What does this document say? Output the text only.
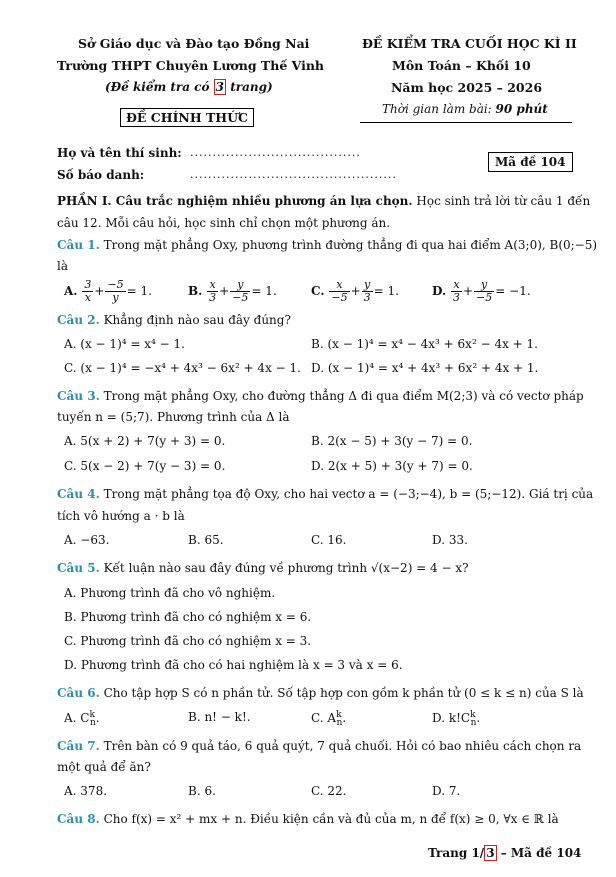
Sở Giáo dục và Đào tạo Đồng Nai
Trường THPT Chuyên Lương Thế Vinh
(Đề kiểm tra có 3 trang)
ĐỀ CHÍNH THỨC
ĐỀ KIỂM TRA CUỐI HỌC KÌ II
Môn Toán – Khối 10
Năm học 2025 – 2026
Thời gian làm bài: 90 phút
Họ và tên thí sinh: ......................................
Số báo danh:	..............................................
Mã đề 104
PHẦN I. Câu trắc nghiệm nhiều phương án lựa chọn. Học sinh trả lời từ câu 1 đến
câu 12. Mỗi câu hỏi, học sinh chỉ chọn một phương án.
Câu 1. Trong mặt phẳng Oxy, phương trình đường thẳng đi qua hai điểm A(3;0), B(0;−5)
là
A. $\frac{3}{x} + \frac{-5}{y} = 1$.	B. $\frac{x}{3} + \frac{y}{-5} = 1$.	C. $\frac{x}{-5} + \frac{y}{3} = 1$.	D. $\frac{x}{3} + \frac{y}{-5} = -1$.
Câu 2. Khẳng định nào sau đây đúng?
A. (x − 1)⁴ = x⁴ − 1.	B. (x − 1)⁴ = x⁴ − 4x³ + 6x² − 4x + 1.
C. (x − 1)⁴ = −x⁴ + 4x³ − 6x² + 4x − 1. D. (x − 1)⁴ = x⁴ + 4x³ + 6x² + 4x + 1.
Câu 3. Trong mặt phẳng Oxy, cho đường thẳng Δ đi qua điểm M(2;3) và có vectơ pháp
tuyến n = (5;7). Phương trình của Δ là
A. 5(x + 2) + 7(y + 3) = 0.	B. 2(x − 5) + 3(y − 7) = 0.
C. 5(x − 2) + 7(y − 3) = 0.	D. 2(x + 5) + 3(y + 7) = 0.
Câu 4. Trong mặt phẳng tọa độ Oxy, cho hai vectơ a = (−3;−4), b = (5;−12). Giá trị của
tích vô hướng a · b là
A. −63.	B. 65.	C. 16.	D. 33.
Câu 5. Kết luận nào sau đây đúng về phương trình √(x−2) = 4 − x?
A. Phương trình đã cho vô nghiệm.
B. Phương trình đã cho có nghiệm x = 6.
C. Phương trình đã cho có nghiệm x = 3.
D. Phương trình đã cho có hai nghiệm là x = 3 và x = 6.
Câu 6. Cho tập hợp S có n phần tử. Số tập hợp con gồm k phần tử (0 ≤ k ≤ n) của S là
A. $C^k_n$.	B. n! − k!.	C. $A^k_n$.	D. $k!C^k_n$.
Câu 7. Trên bàn có 9 quả táo, 6 quả quýt, 7 quả chuối. Hỏi có bao nhiêu cách chọn ra
một quả để ăn?
A. 378.	B. 6.	C. 22.	D. 7.
Câu 8. Cho f(x) = x² + mx + n. Điều kiện cần và đủ của m, n để f(x) ≥ 0, ∀x ∈ ℝ là
Trang 1/ 3 – Mã đề 104
